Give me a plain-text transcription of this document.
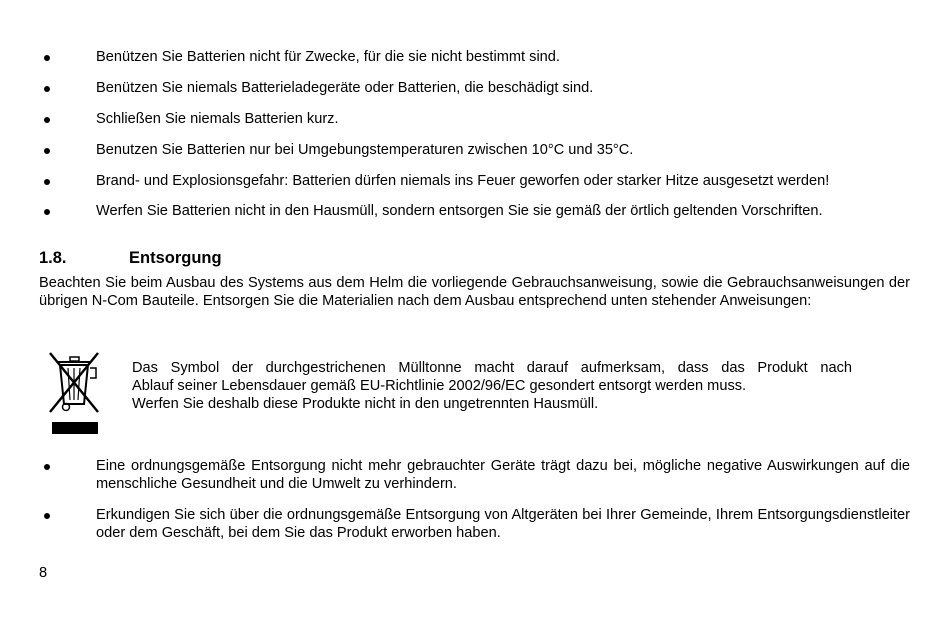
Benützen Sie Batterien nicht für Zwecke, für die sie nicht bestimmt sind.
Benützen Sie niemals Batterieladegeräte oder Batterien, die beschädigt sind.
Schließen Sie niemals Batterien kurz.
Benutzen Sie Batterien nur bei Umgebungstemperaturen zwischen 10°C und 35°C.
Brand- und Explosionsgefahr: Batterien dürfen niemals ins Feuer geworfen oder starker Hitze ausgesetzt werden!
Werfen Sie Batterien nicht in den Hausmüll, sondern entsorgen Sie sie gemäß der örtlich geltenden Vorschriften.
1.8.	Entsorgung
Beachten Sie beim Ausbau des Systems aus dem Helm die vorliegende Gebrauchsanweisung, sowie die Gebrauchsanweisungen der übrigen N-Com Bauteile. Entsorgen Sie die Materialien nach dem Ausbau entsprechend unten stehender Anweisungen:
Das Symbol der durchgestrichenen Mülltonne macht darauf aufmerksam, dass das Produkt nach
Ablauf seiner Lebensdauer gemäß EU-Richtlinie 2002/96/EC gesondert entsorgt werden muss.
Werfen Sie deshalb diese Produkte nicht in den ungetrennten Hausmüll.
Eine ordnungsgemäße Entsorgung nicht mehr gebrauchter Geräte trägt dazu bei, mögliche negative Auswirkungen auf die menschliche Gesundheit und die Umwelt zu verhindern.
Erkundigen Sie sich über die ordnungsgemäße Entsorgung von Altgeräten bei Ihrer Gemeinde, Ihrem Entsorgungsdienstleiter oder dem Geschäft, bei dem Sie das Produkt erworben haben.
8
